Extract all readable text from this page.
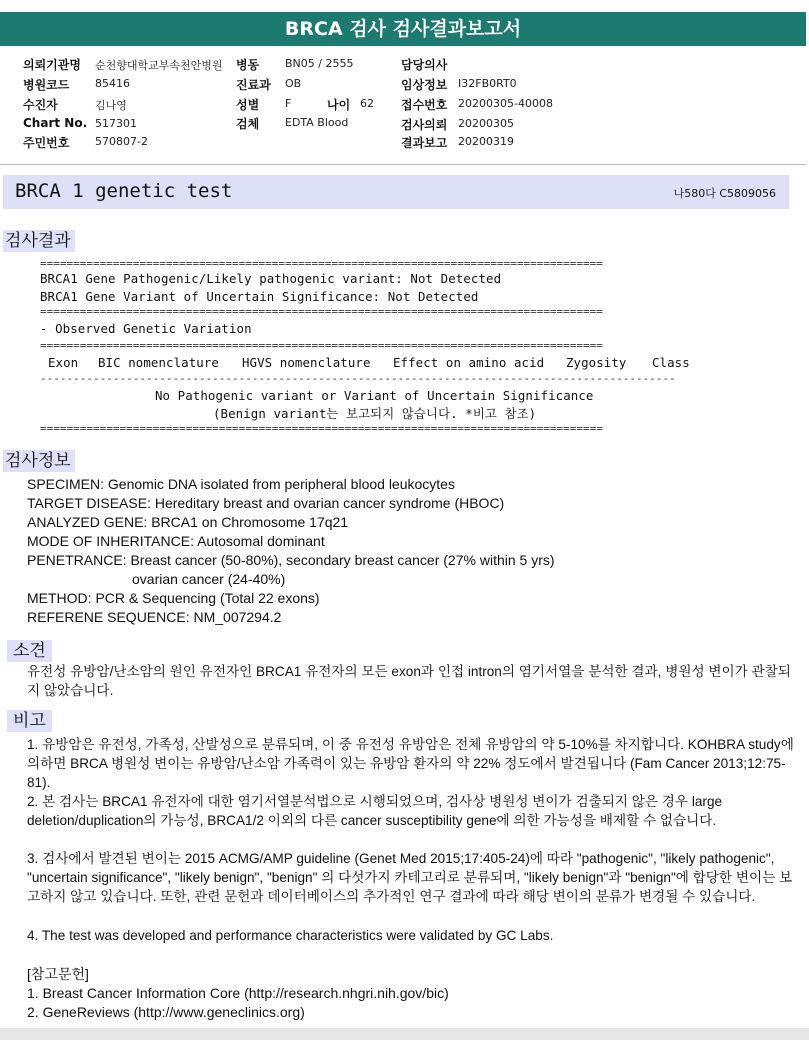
BRCA 검사 검사결과보고서
의뢰기관명 순천향대학교부속천안병원
병원코드 85416
수진자	김나영
Chart No. 517301
주민번호 570807-2
병동 BN05 / 2555
진료과 OB
성별 F	나이 62
검체 EDTA Blood
담당의사
임상정보 I32FB0RT0
접수번호 20200305-40008
검사의뢰 20200305
결과보고 20200319
BRCA 1 genetic test	나580다 C5809056
검사결과
=====================================================================================
BRCA1 Gene Pathogenic/Likely pathogenic variant: Not Detected
BRCA1 Gene Variant of Uncertain Significance: Not Detected
=====================================================================================
- Observed Genetic Variation
=====================================================================================
Exon BIC nomenclature HGVS nomenclature Effect on amino acid Zygosity Class
------------------------------------------------------------------------------------------------
No Pathogenic variant or Variant of Uncertain Significance
(Benign variant는 보고되지 않습니다. *비고 참조)
=====================================================================================
검사정보
SPECIMEN: Genomic DNA isolated from peripheral blood leukocytes
TARGET DISEASE: Hereditary breast and ovarian cancer syndrome (HBOC)
ANALYZED GENE: BRCA1 on Chromosome 17q21
MODE OF INHERITANCE: Autosomal dominant
PENETRANCE: Breast cancer (50-80%), secondary breast cancer (27% within 5 yrs)
ovarian cancer (24-40%)
METHOD: PCR & Sequencing (Total 22 exons)
REFERENE SEQUENCE: NM_007294.2
소견
유전성 유방암/난소암의 원인 유전자인 BRCA1 유전자의 모든 exon과 인접 intron의 염기서열을 분석한 결과, 병원성 변이가 관찰되지 않았습니다.
비고
1. 유방암은 유전성, 가족성, 산발성으로 분류되며, 이 중 유전성 유방암은 전체 유방암의 약 5-10%를 차지합니다. KOHBRA study에 의하면 BRCA 병원성 변이는 유방암/난소암 가족력이 있는 유방암 환자의 약 22% 정도에서 발견됩니다 (Fam Cancer 2013;12:75-81).
2. 본 검사는 BRCA1 유전자에 대한 염기서열분석법으로 시행되었으며, 검사상 병원성 변이가 검출되지 않은 경우 large deletion/duplication의 가능성, BRCA1/2 이외의 다른 cancer susceptibility gene에 의한 가능성을 배제할 수 없습니다.
3. 검사에서 발견된 변이는 2015 ACMG/AMP guideline (Genet Med 2015;17:405-24)에 따라 "pathogenic", "likely pathogenic", "uncertain significance", "likely benign", "benign" 의 다섯가지 카테고리로 분류되며, "likely benign"과 "benign"에 합당한 변이는 보고하지 않고 있습니다. 또한, 관련 문헌과 데이터베이스의 추가적인 연구 결과에 따라 해당 변이의 분류가 변경될 수 있습니다.
4. The test was developed and performance characteristics were validated by GC Labs.
[참고문헌]
1. Breast Cancer Information Core (http://research.nhgri.nih.gov/bic)
2. GeneReviews (http://www.geneclinics.org)
